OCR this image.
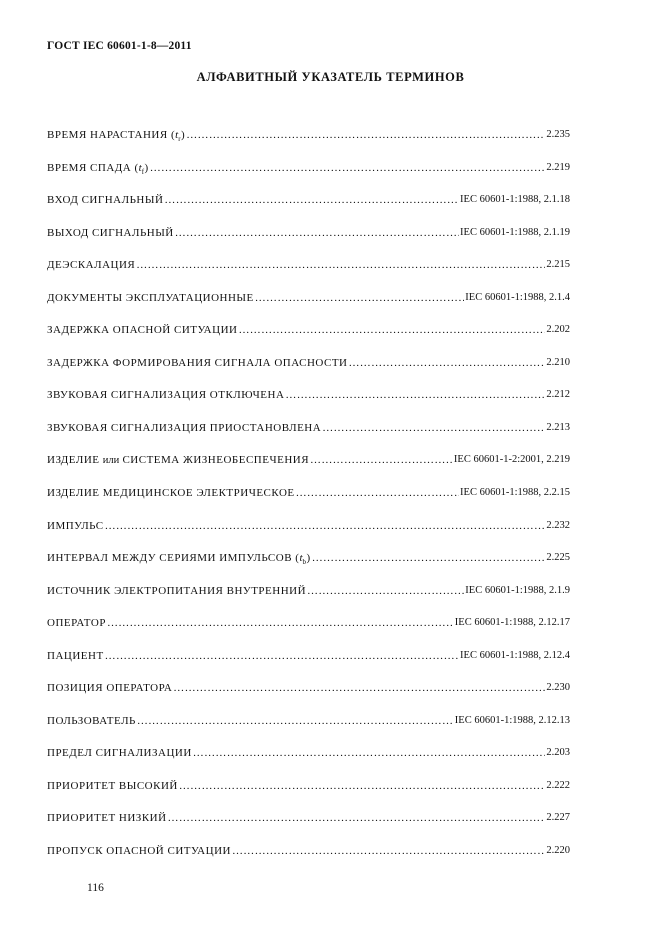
ГОСТ IEC 60601-1-8—2011
АЛФАВИТНЫЙ УКАЗАТЕЛЬ ТЕРМИНОВ
ВРЕМЯ НАРАСТАНИЯ $(t_r)$ …………………………………………………………………………………………………………………………………………………………………………………………………………………………………	2.235
ВРЕМЯ СПАДА $(t_f)$ …………………………………………………………………………………………………………………………………………………………………………………………………………………………………	2.219
ВХОД СИГНАЛЬНЫЙ …………………………………………………………………………………………………………………………………………………………………………………………………………………………………	IEC 60601-1:1988, 2.1.18
ВЫХОД СИГНАЛЬНЫЙ …………………………………………………………………………………………………………………………………………………………………………………………………………………………………	IEC 60601-1:1988, 2.1.19
ДЕЭСКАЛАЦИЯ …………………………………………………………………………………………………………………………………………………………………………………………………………………………………	2.215
ДОКУМЕНТЫ ЭКСПЛУАТАЦИОННЫЕ …………………………………………………………………………………………………………………………………………………………………………………………………………………………………	IEC 60601-1:1988, 2.1.4
ЗАДЕРЖКА ОПАСНОЙ СИТУАЦИИ …………………………………………………………………………………………………………………………………………………………………………………………………………………………………	2.202
ЗАДЕРЖКА ФОРМИРОВАНИЯ СИГНАЛА ОПАСНОСТИ …………………………………………………………………………………………………………………………………………………………………………………………………………………………………	2.210
ЗВУКОВАЯ СИГНАЛИЗАЦИЯ ОТКЛЮЧЕНА …………………………………………………………………………………………………………………………………………………………………………………………………………………………………	2.212
ЗВУКОВАЯ СИГНАЛИЗАЦИЯ ПРИОСТАНОВЛЕНА …………………………………………………………………………………………………………………………………………………………………………………………………………………………………	2.213
ИЗДЕЛИЕ или СИСТЕМА ЖИЗНЕОБЕСПЕЧЕНИЯ …………………………………………………………………………………………………………………………………………………………………………………………………………………………………	IEC 60601-1-2:2001, 2.219
ИЗДЕЛИЕ МЕДИЦИНСКОЕ ЭЛЕКТРИЧЕСКОЕ …………………………………………………………………………………………………………………………………………………………………………………………………………………………………	IEC 60601-1:1988, 2.2.15
ИМПУЛЬС …………………………………………………………………………………………………………………………………………………………………………………………………………………………………	2.232
ИНТЕРВАЛ МЕЖДУ СЕРИЯМИ ИМПУЛЬСОВ $(t_b)$ …………………………………………………………………………………………………………………………………………………………………………………………………………………………………	2.225
ИСТОЧНИК ЭЛЕКТРОПИТАНИЯ ВНУТРЕННИЙ …………………………………………………………………………………………………………………………………………………………………………………………………………………………………	IEC 60601-1:1988, 2.1.9
ОПЕРАТОР …………………………………………………………………………………………………………………………………………………………………………………………………………………………………	IEC 60601-1:1988, 2.12.17
ПАЦИЕНТ …………………………………………………………………………………………………………………………………………………………………………………………………………………………………	IEC 60601-1:1988, 2.12.4
ПОЗИЦИЯ ОПЕРАТОРА …………………………………………………………………………………………………………………………………………………………………………………………………………………………………	2.230
ПОЛЬЗОВАТЕЛЬ …………………………………………………………………………………………………………………………………………………………………………………………………………………………………	IEC 60601-1:1988, 2.12.13
ПРЕДЕЛ СИГНАЛИЗАЦИИ …………………………………………………………………………………………………………………………………………………………………………………………………………………………………	2.203
ПРИОРИТЕТ ВЫСОКИЙ …………………………………………………………………………………………………………………………………………………………………………………………………………………………………	2.222
ПРИОРИТЕТ НИЗКИЙ …………………………………………………………………………………………………………………………………………………………………………………………………………………………………	2.227
ПРОПУСК ОПАСНОЙ СИТУАЦИИ …………………………………………………………………………………………………………………………………………………………………………………………………………………………………	2.220
116
